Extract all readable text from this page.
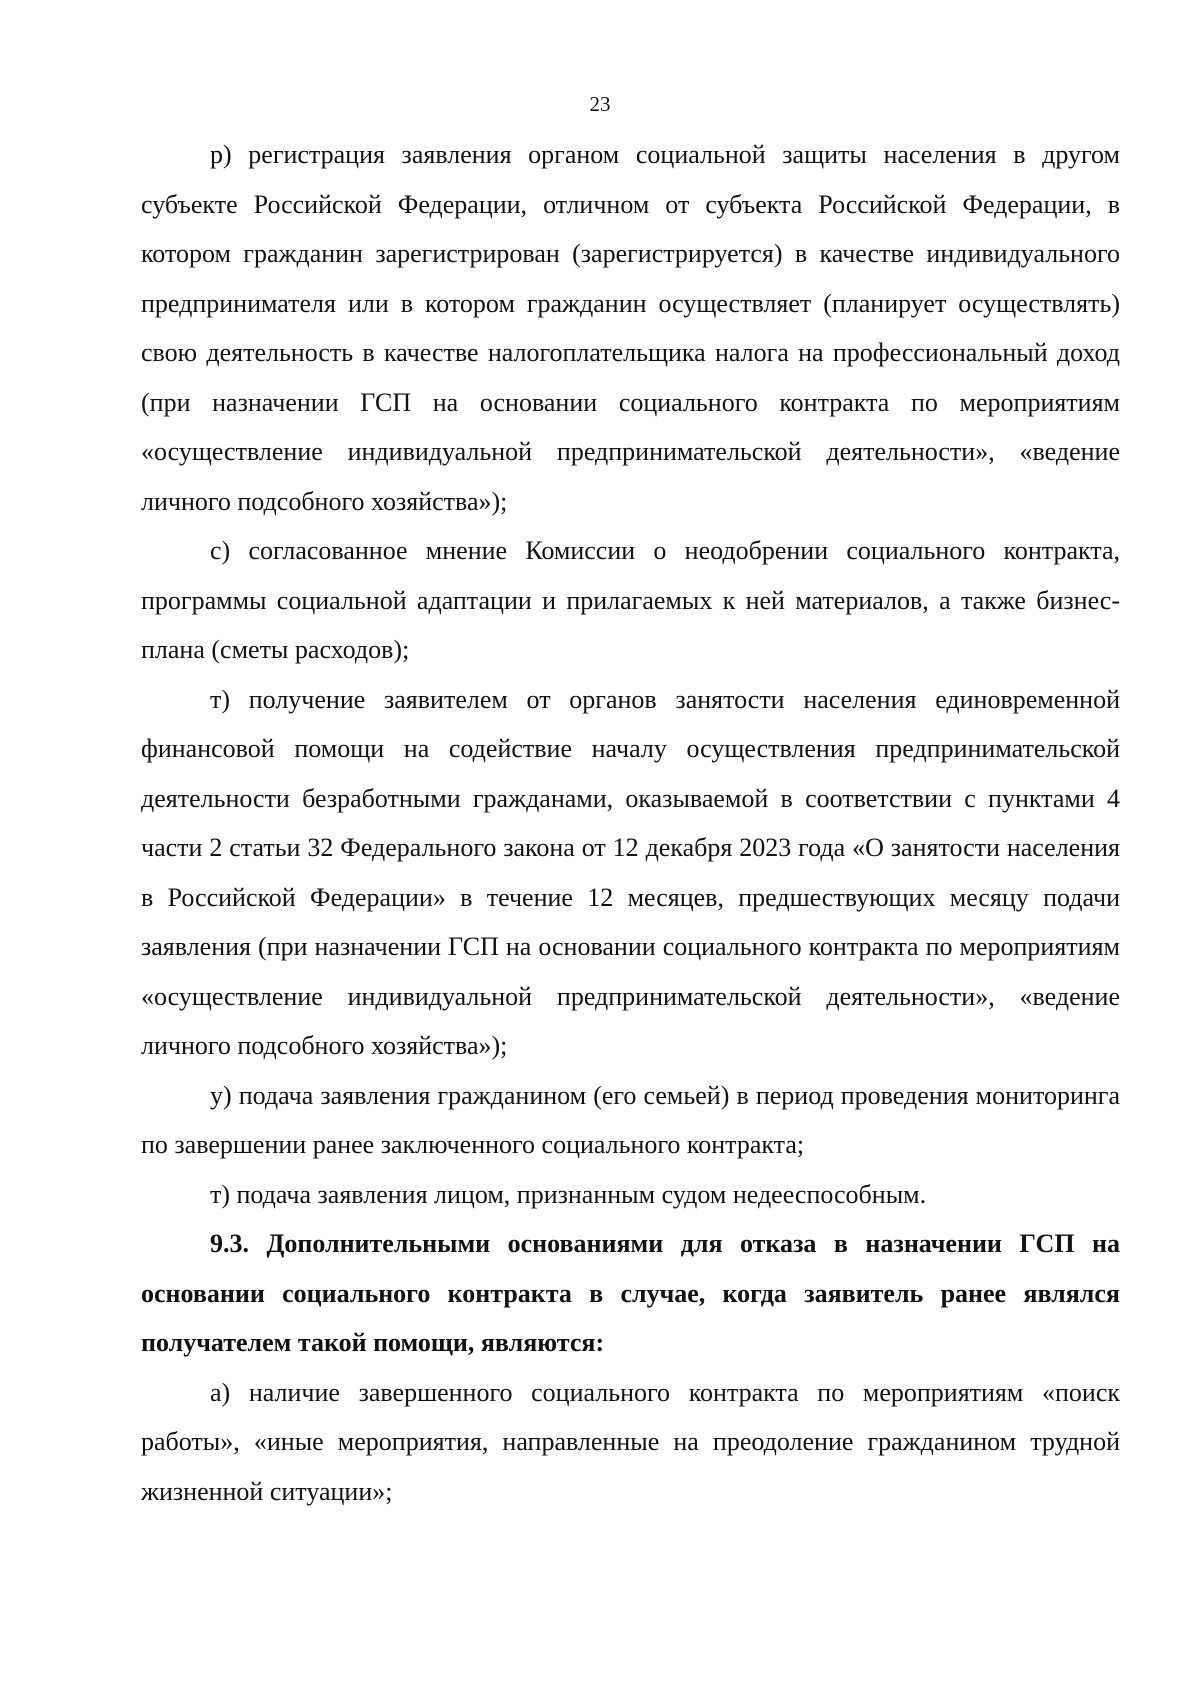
23

р) регистрация заявления органом социальной защиты населения в другом субъекте Российской Федерации, отличном от субъекта Российской Федерации, в котором гражданин зарегистрирован (зарегистрируется) в качестве индивидуального предпринимателя или в котором гражданин осуществляет (планирует осуществлять) свою деятельность в качестве налогоплательщика налога на профессиональный доход (при назначении ГСП на основании социального контракта по мероприятиям «осуществление индивидуальной предпринимательской деятельности», «ведение личного подсобного хозяйства»);

с) согласованное мнение Комиссии о неодобрении социального контракта, программы социальной адаптации и прилагаемых к ней материалов, а также бизнес-плана (сметы расходов);

т) получение заявителем от органов занятости населения единовременной финансовой помощи на содействие началу осуществления предпринимательской деятельности безработными гражданами, оказываемой в соответствии с пунктами 4 части 2 статьи 32 Федерального закона от 12 декабря 2023 года «О занятости населения в Российской Федерации» в течение 12 месяцев, предшествующих месяцу подачи заявления (при назначении ГСП на основании социального контракта по мероприятиям «осуществление индивидуальной предпринимательской деятельности», «ведение личного подсобного хозяйства»);

у) подача заявления гражданином (его семьей) в период проведения мониторинга по завершении ранее заключенного социального контракта;

т) подача заявления лицом, признанным судом недееспособным.

9.3. Дополнительными основаниями для отказа в назначении ГСП на основании социального контракта в случае, когда заявитель ранее являлся получателем такой помощи, являются:

а) наличие завершенного социального контракта по мероприятиям «поиск работы», «иные мероприятия, направленные на преодоление гражданином трудной жизненной ситуации»;
